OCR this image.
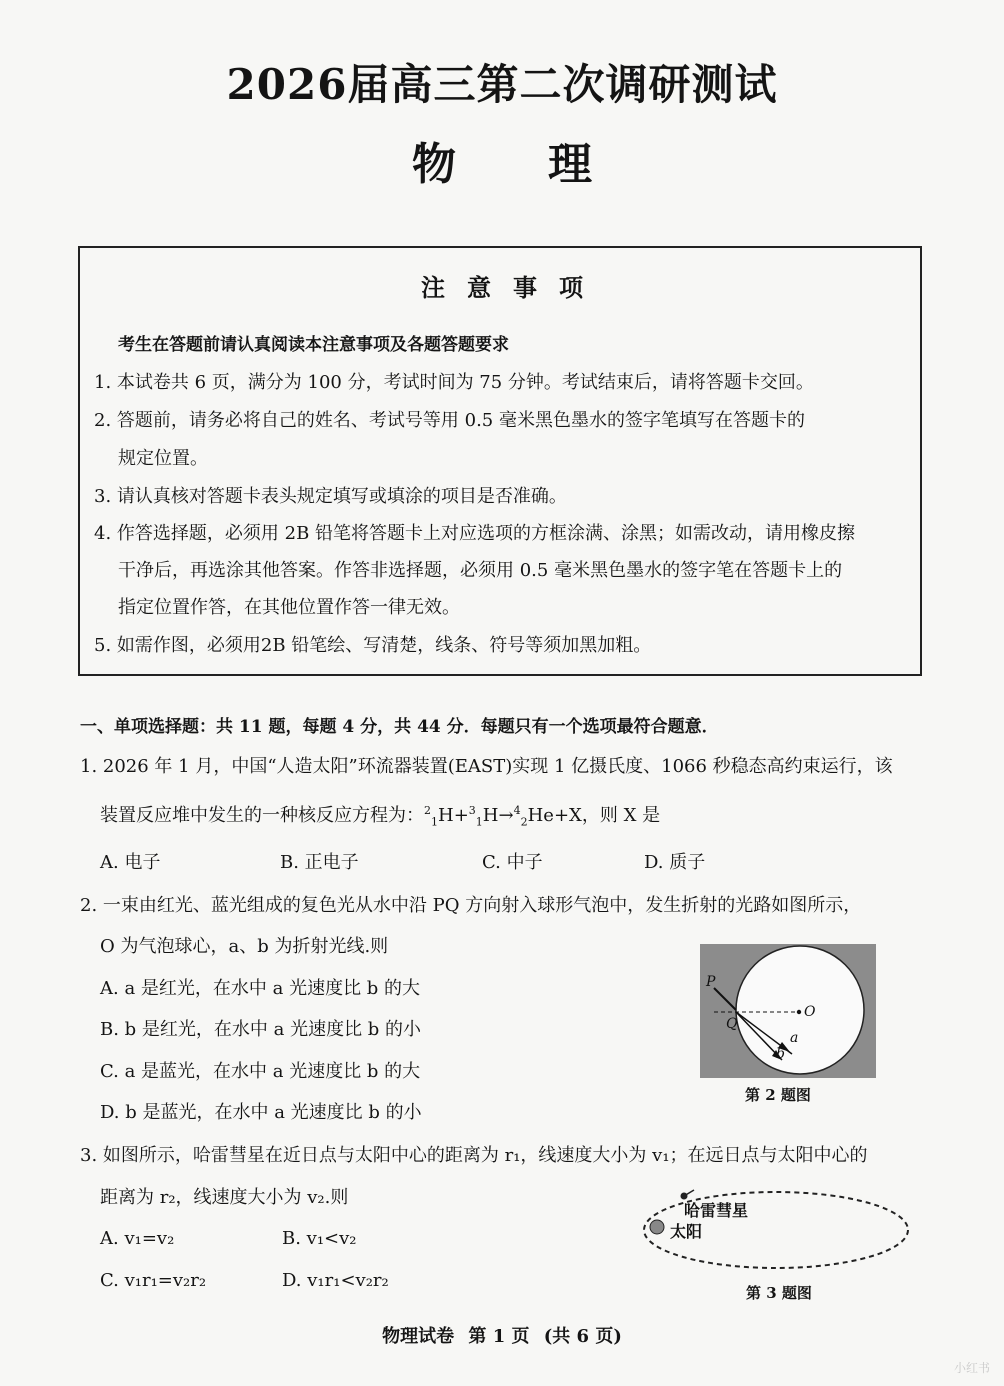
2026届高三第二次调研测试
物 理
注意事项
考生在答题前请认真阅读本注意事项及各题答题要求
1. 本试卷共 6 页，满分为 100 分，考试时间为 75 分钟。考试结束后，请将答题卡交回。
2. 答题前，请务必将自己的姓名、考试号等用 0.5 毫米黑色墨水的签字笔填写在答题卡的
规定位置。
3. 请认真核对答题卡表头规定填写或填涂的项目是否准确。
4. 作答选择题，必须用 2B 铅笔将答题卡上对应选项的方框涂满、涂黑；如需改动，请用橡皮擦
干净后，再选涂其他答案。作答非选择题，必须用 0.5 毫米黑色墨水的签字笔在答题卡上的
指定位置作答，在其他位置作答一律无效。
5. 如需作图，必须用2B 铅笔绘、写清楚，线条、符号等须加黑加粗。
一、单项选择题：共 11 题，每题 4 分，共 44 分．每题只有一个选项最符合题意．
1. 2026 年 1 月，中国“人造太阳”环流器装置(EAST)实现 1 亿摄氏度、1066 秒稳态高约束运行，该
装置反应堆中发生的一种核反应方程为：$^2_1$H+$^3_1$H→$^4_2$He+X，则 X 是
A. 电子	B. 正电子	C. 中子	D. 质子
2. 一束由红光、蓝光组成的复色光从水中沿 PQ 方向射入球形气泡中，发生折射的光路如图所示，
O 为气泡球心，a、b 为折射光线.则
A. a 是红光，在水中 a 光速度比 b 的大
B. b 是红光，在水中 a 光速度比 b 的小
C. a 是蓝光，在水中 a 光速度比 b 的大
D. b 是蓝光，在水中 a 光速度比 b 的小
P
Q
O
a
b
第 2 题图
3. 如图所示，哈雷彗星在近日点与太阳中心的距离为 r₁，线速度大小为 v₁；在远日点与太阳中心的
距离为 r₂，线速度大小为 v₂.则
A. v₁=v₂	B. v₁<v₂
C. v₁r₁=v₂r₂	D. v₁r₁<v₂r₂
哈雷彗星
太阳
第 3 题图
物理试卷 第 1 页 (共 6 页)
小红书
